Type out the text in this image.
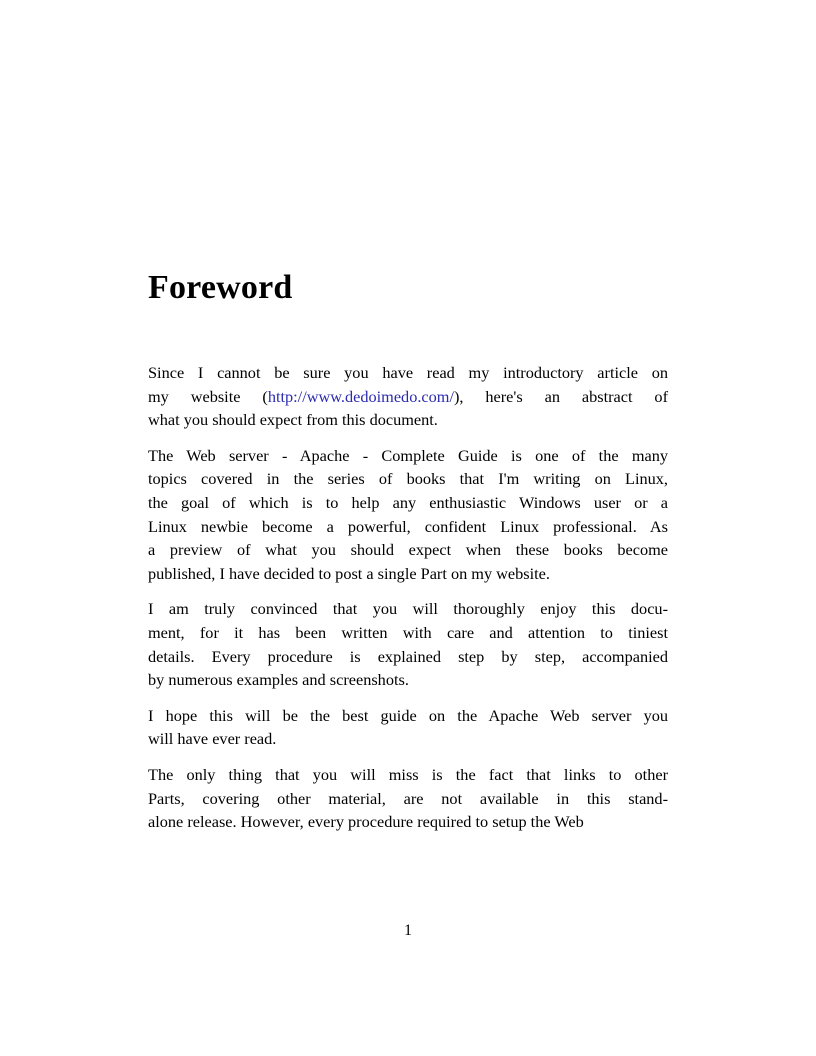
Foreword

Since I cannot be sure you have read my introductory article on
my website (http://www.dedoimedo.com/), here's an abstract of
what you should expect from this document.

The Web server - Apache - Complete Guide is one of the many
topics covered in the series of books that I'm writing on Linux,
the goal of which is to help any enthusiastic Windows user or a
Linux newbie become a powerful, confident Linux professional. As
a preview of what you should expect when these books become
published, I have decided to post a single Part on my website.

I am truly convinced that you will thoroughly enjoy this docu-
ment, for it has been written with care and attention to tiniest
details. Every procedure is explained step by step, accompanied
by numerous examples and screenshots.

I hope this will be the best guide on the Apache Web server you
will have ever read.

The only thing that you will miss is the fact that links to other
Parts, covering other material, are not available in this stand-
alone release. However, every procedure required to setup the Web

1
